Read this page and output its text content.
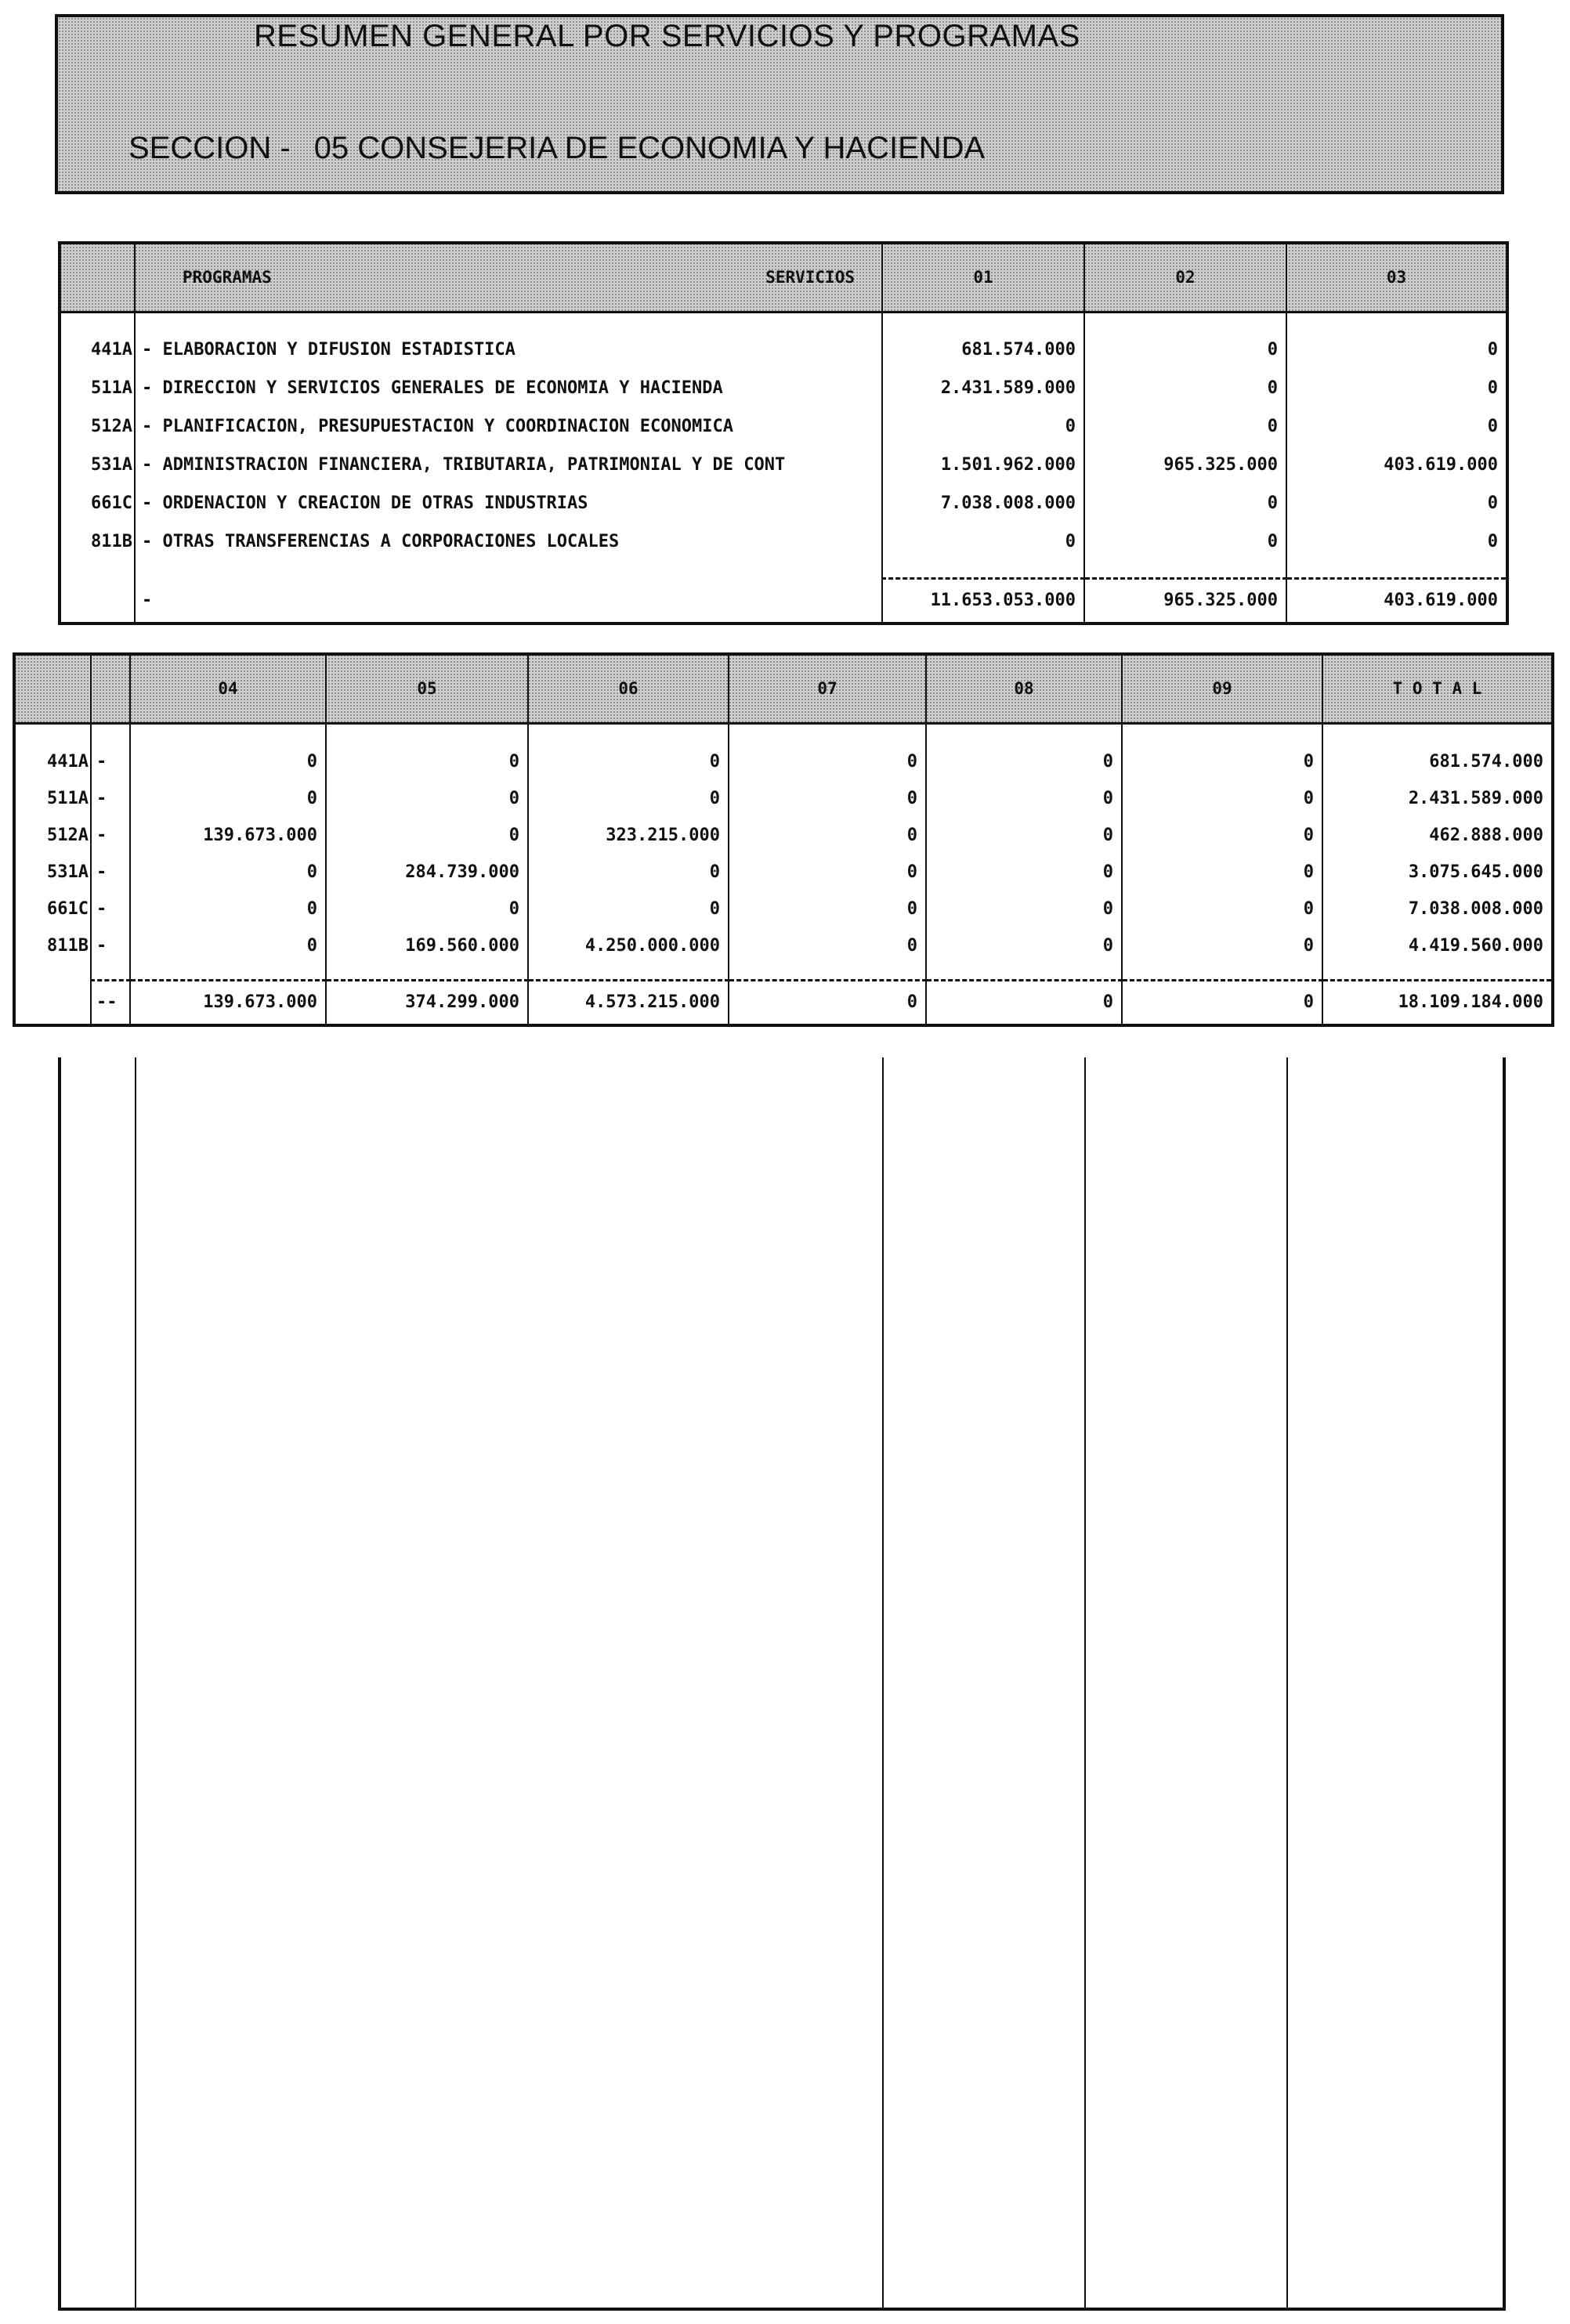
RESUMEN GENERAL POR SERVICIOS Y PROGRAMAS
SECCION - 05 CONSEJERIA DE ECONOMIA Y HACIENDA
	PROGRAMAS SERVICIOS	01	02	03

441A	- ELABORACION Y DIFUSION ESTADISTICA	681.574.000	0	0
511A	- DIRECCION Y SERVICIOS GENERALES DE ECONOMIA Y HACIENDA	2.431.589.000	0	0
512A	- PLANIFICACION, PRESUPUESTACION Y COORDINACION ECONOMICA	0	0	0
531A	- ADMINISTRACION FINANCIERA, TRIBUTARIA, PATRIMONIAL Y DE CONT	1.501.962.000	965.325.000	403.619.000
661C	- ORDENACION Y CREACION DE OTRAS INDUSTRIAS	7.038.008.000	0	0
811B	- OTRAS TRANSFERENCIAS A CORPORACIONES LOCALES	0	0	0

	-	11.653.053.000	965.325.000	403.619.000
		04	05	06	07	08	09	T O T A L

441A	-	0	0	0	0	0	0	681.574.000
511A	-	0	0	0	0	0	0	2.431.589.000
512A	-	139.673.000	0	323.215.000	0	0	0	462.888.000
531A	-	0	284.739.000	0	0	0	0	3.075.645.000
661C	-	0	0	0	0	0	0	7.038.008.000
811B	-	0	169.560.000	4.250.000.000	0	0	0	4.419.560.000

	--	139.673.000	374.299.000	4.573.215.000	0	0	0	18.109.184.000
